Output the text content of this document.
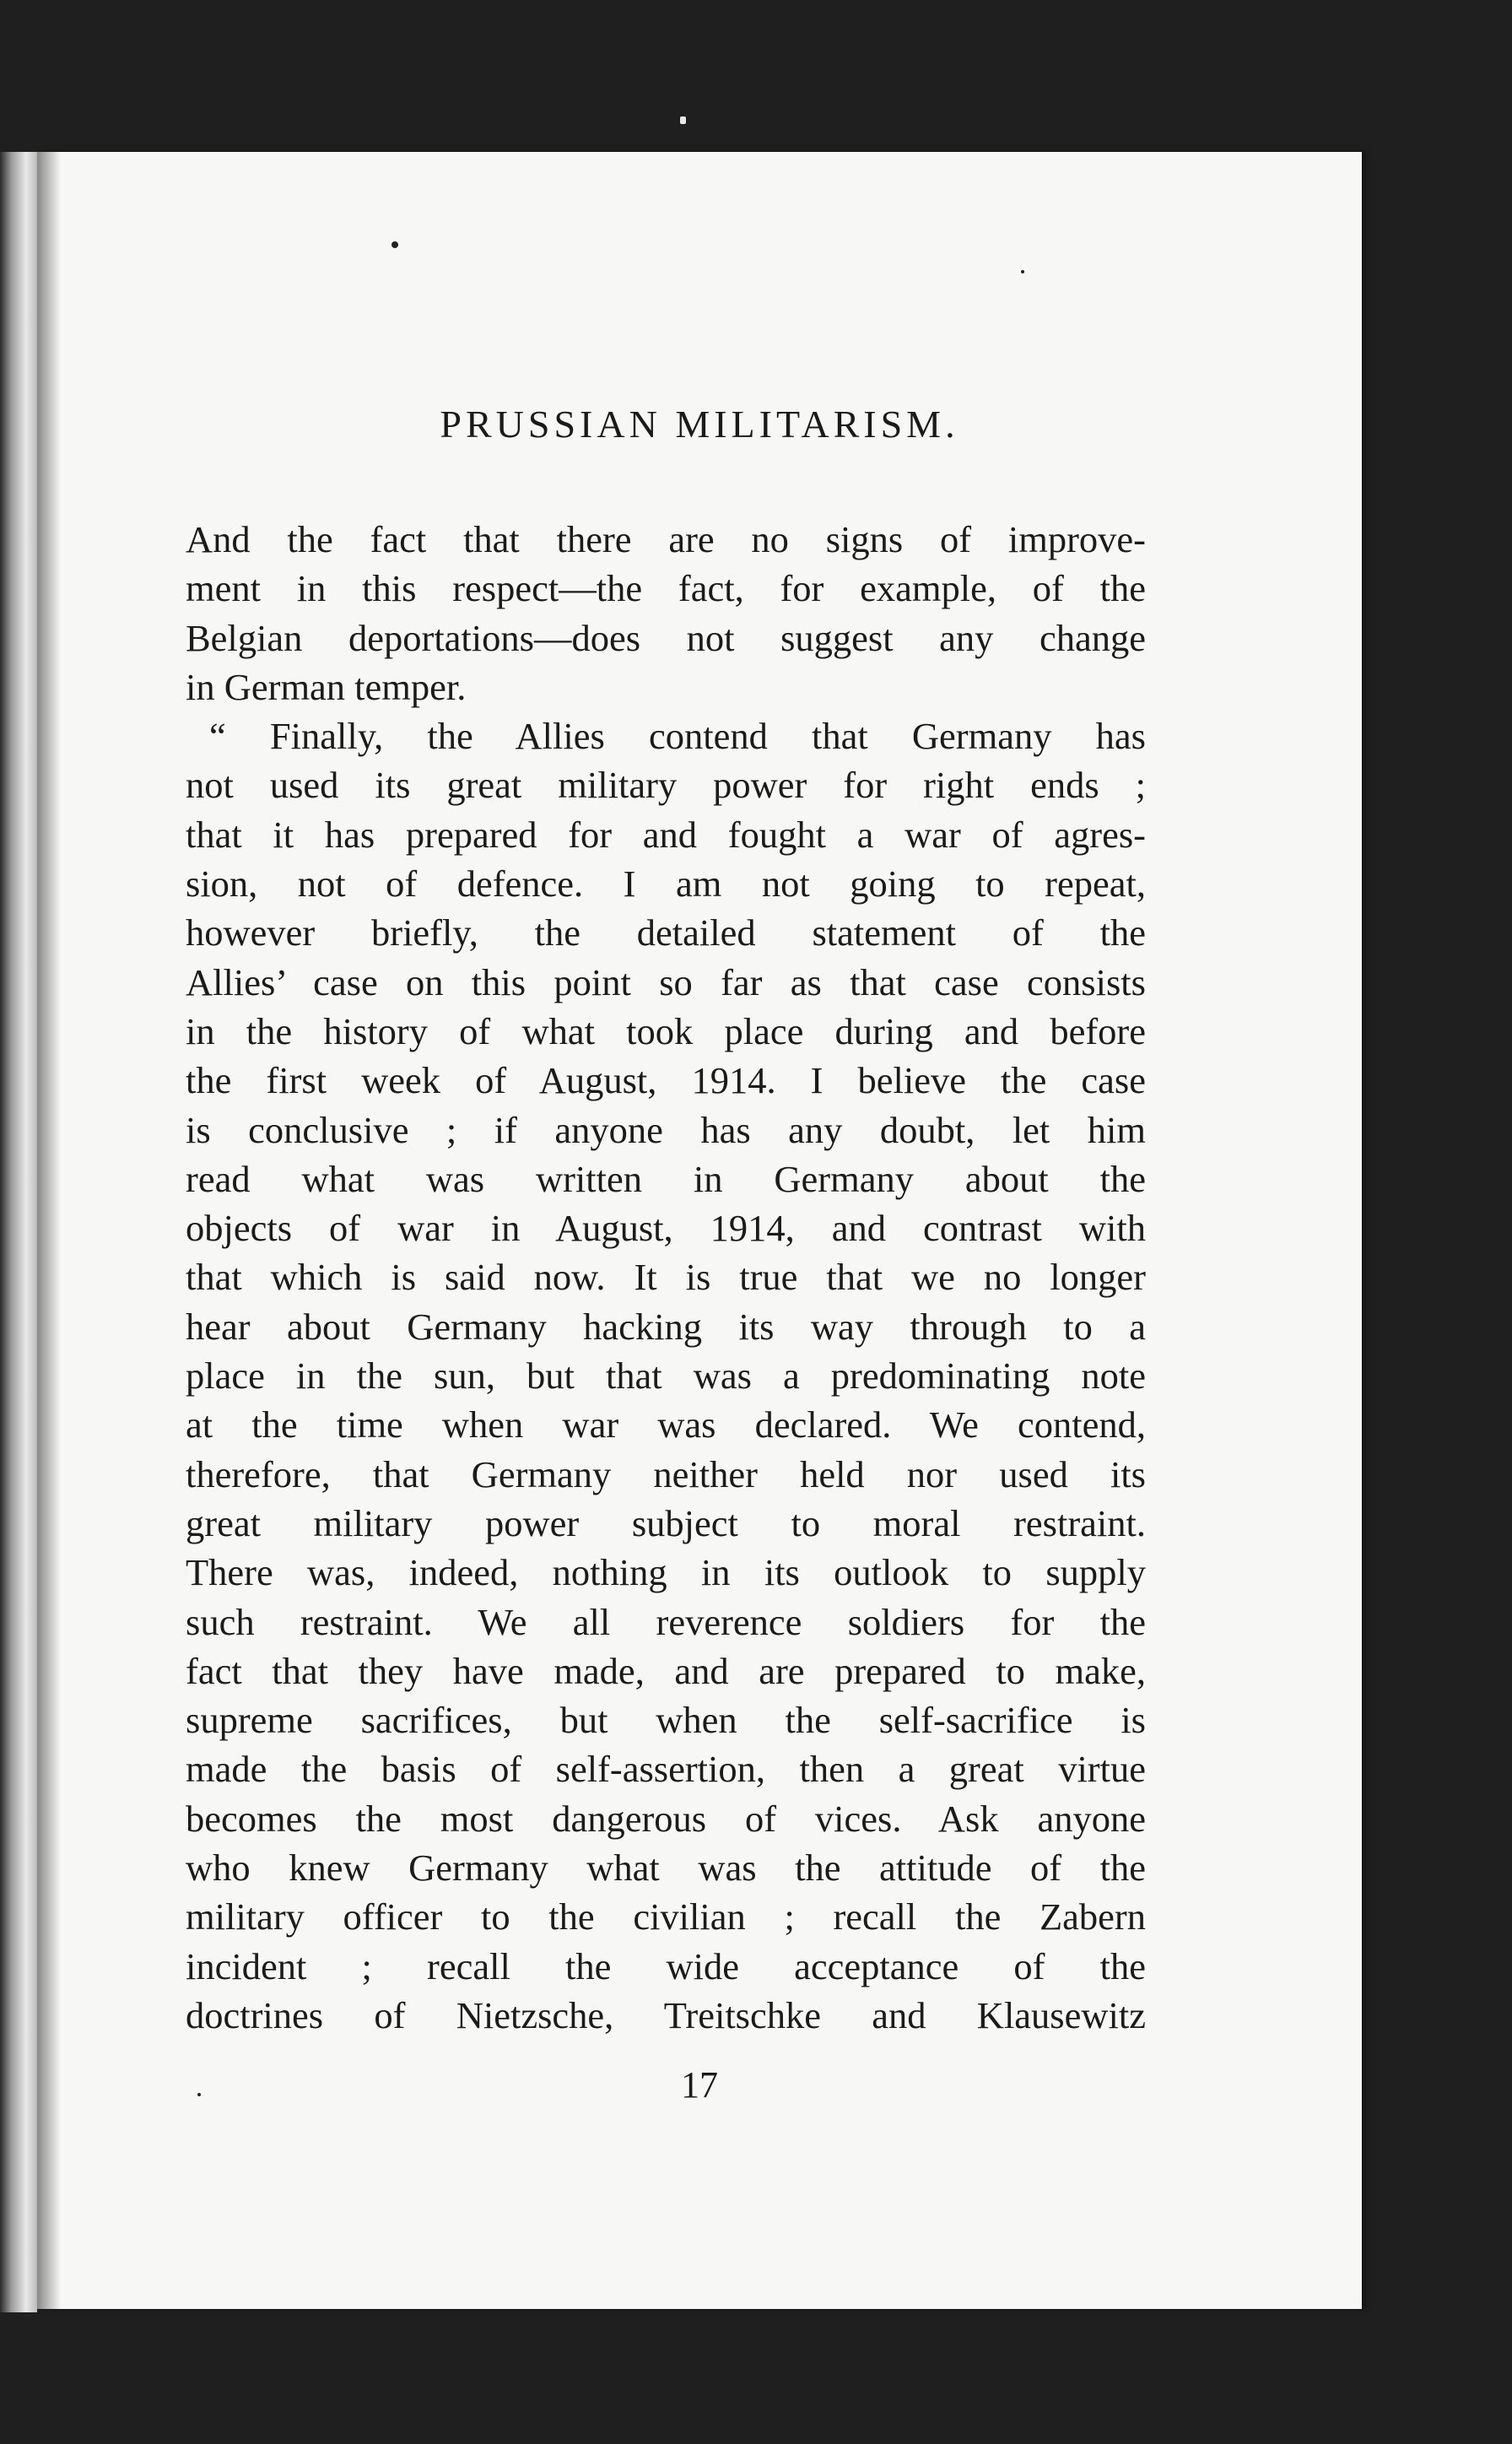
PRUSSIAN MILITARISM.
And the fact that there are no signs of improve-
ment in this respect—the fact, for example, of the
Belgian deportations—does not suggest any change
in German temper.
“ Finally, the Allies contend that Germany has
not used its great military power for right ends ;
that it has prepared for and fought a war of agres-
sion, not of defence. I am not going to repeat,
however briefly, the detailed statement of the
Allies’ case on this point so far as that case consists
in the history of what took place during and before
the first week of August, 1914. I believe the case
is conclusive ; if anyone has any doubt, let him
read what was written in Germany about the
objects of war in August, 1914, and contrast with
that which is said now. It is true that we no longer
hear about Germany hacking its way through to a
place in the sun, but that was a predominating note
at the time when war was declared. We contend,
therefore, that Germany neither held nor used its
great military power subject to moral restraint.
There was, indeed, nothing in its outlook to supply
such restraint. We all reverence soldiers for the
fact that they have made, and are prepared to make,
supreme sacrifices, but when the self-sacrifice is
made the basis of self-assertion, then a great virtue
becomes the most dangerous of vices. Ask anyone
who knew Germany what was the attitude of the
military officer to the civilian ; recall the Zabern
incident ; recall the wide acceptance of the
doctrines of Nietzsche, Treitschke and Klausewitz
17
